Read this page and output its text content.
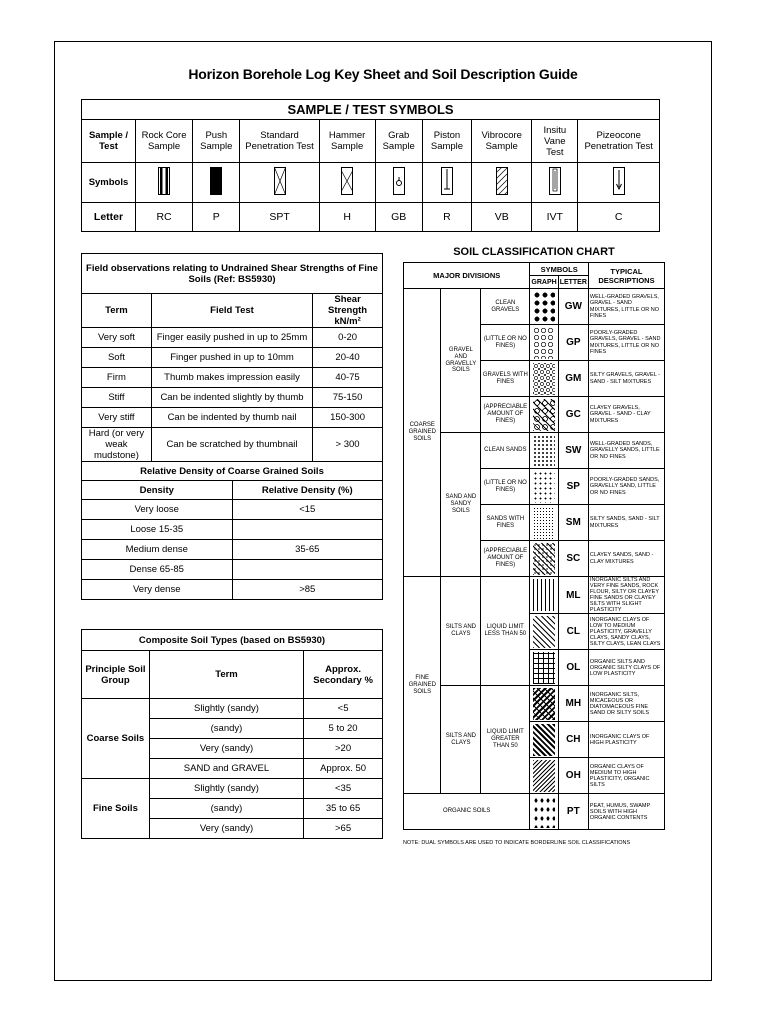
Horizon Borehole Log Key Sheet and Soil Description Guide
SAMPLE / TEST SYMBOLS									
Sample / Test	Rock Core Sample	Push Sample	Standard Penetration Test	Hammer Sample	Grab Sample	Piston Sample	Vibrocore Sample	Insitu Vane Test	Pizeocone Penetration Test
Symbols									
Letter	RC	P	SPT	H	GB	R	VB	IVT	C
Field observations relating to Undrained Shear Strengths of Fine Soils (Ref: BS5930)			
Term	Field Test		Shear Strength kN/m²
Very soft	Finger easily pushed in up to 25mm		0-20
Soft	Finger pushed in up to 10mm		20-40
Firm	Thumb makes impression easily		40-75
Stiff	Can be indented slightly by thumb		75-150
Very stiff	Can be indented by thumb nail		150-300
Hard (or very weak mudstone)	Can be scratched by thumbnail		> 300
Relative Density of Coarse Grained Soils			
Density		Relative Density (%)	
Very loose		<15	
Loose 15-35			
Medium dense		35-65	
Dense 65-85			
Very dense		>85	
Composite Soil Types (based on BS5930)		
Principle Soil Group	Term	Approx. Secondary %
Coarse Soils	Slightly (sandy)	<5
	(sandy)	5 to 20
	Very (sandy)	>20
	SAND and GRAVEL	Approx. 50
Fine Soils	Slightly (sandy)	<35
	(sandy)	35 to 65
	Very (sandy)	>65
SOIL CLASSIFICATION CHART
MAJOR DIVISIONS			SYMBOLS		TYPICAL DESCRIPTIONS
			GRAPH	LETTER	
COARSE GRAINED SOILS	GRAVEL AND GRAVELLY SOILS	CLEAN GRAVELS		GW	WELL-GRADED GRAVELS, GRAVEL - SAND MIXTURES, LITTLE OR NO FINES
		(LITTLE OR NO FINES)		GP	POORLY-GRADED GRAVELS, GRAVEL - SAND MIXTURES, LITTLE OR NO FINES
		GRAVELS WITH FINES		GM	SILTY GRAVELS, GRAVEL - SAND - SILT MIXTURES
		(APPRECIABLE AMOUNT OF FINES)		GC	CLAYEY GRAVELS, GRAVEL - SAND - CLAY MIXTURES
	SAND AND SANDY SOILS	CLEAN SANDS		SW	WELL-GRADED SANDS, GRAVELLY SANDS, LITTLE OR NO FINES
		(LITTLE OR NO FINES)		SP	POORLY-GRADED SANDS, GRAVELLY SAND, LITTLE OR NO FINES
		SANDS WITH FINES		SM	SILTY SANDS, SAND - SILT MIXTURES
		(APPRECIABLE AMOUNT OF FINES)		SC	CLAYEY SANDS, SAND - CLAY MIXTURES
FINE GRAINED SOILS	SILTS AND CLAYS	LIQUID LIMIT LESS THAN 50		ML	INORGANIC SILTS AND VERY FINE SANDS, ROCK FLOUR, SILTY OR CLAYEY FINE SANDS OR CLAYEY SILTS WITH SLIGHT PLASTICITY

				CL	INORGANIC CLAYS OF LOW TO MEDIUM PLASTICITY, GRAVELLY CLAYS, SANDY CLAYS, SILTY CLAYS, LEAN CLAYS

				OL	ORGANIC SILTS AND ORGANIC SILTY CLAYS OF LOW PLASTICITY
	SILTS AND CLAYS	LIQUID LIMIT GREATER THAN 50		MH	INORGANIC SILTS, MICACEOUS OR DIATOMACEOUS FINE SAND OR SILTY SOILS

				CH	INORGANIC CLAYS OF HIGH PLASTICITY

				OH	ORGANIC CLAYS OF MEDIUM TO HIGH PLASTICITY, ORGANIC SILTS
ORGANIC SOILS				PT	PEAT, HUMUS, SWAMP SOILS WITH HIGH ORGANIC CONTENTS
NOTE: DUAL SYMBOLS ARE USED TO INDICATE BORDERLINE SOIL CLASSIFICATIONS
